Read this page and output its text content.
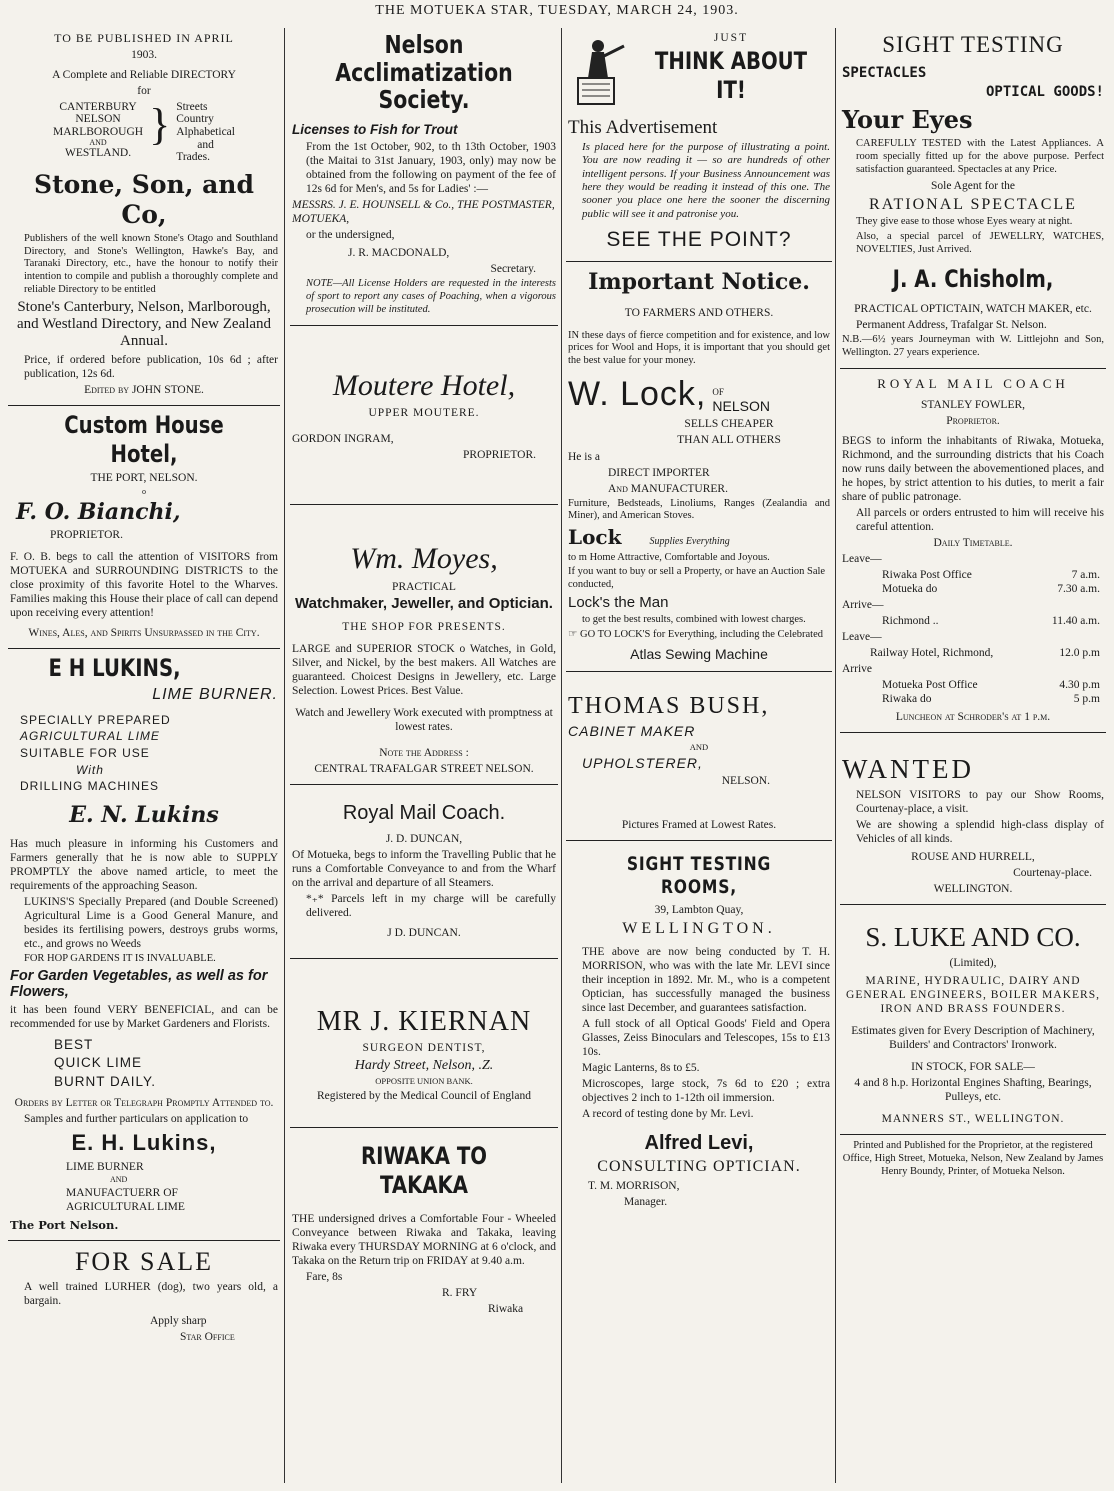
THE MOTUEKA STAR, TUESDAY, MARCH 24, 1903.

TO BE PUBLISHED IN APRIL

1903.

A Complete and Reliable DIRECTORY

for

CANTERBURY
NELSON
MARLBOROUGH
AND
WESTLAND.
} Streets
Country
Alphabetical
and
Trades.

Stone, Son, and Co,

Publishers of the well known Stone's Otago and Southland Directory, and Stone's Wellington, Hawke's Bay, and Taranaki Directory, etc., have the honour to notify their intention to compile and publish a thoroughly complete and reliable Directory to be entitled

Stone's Canterbury, Nelson, Marlborough, and Westland Directory, and New Zealand Annual.

Price, if ordered before publication, 10s 6d ; after publication, 12s 6d.

Edited by JOHN STONE.

Custom House Hotel,

THE PORT, NELSON.

o

F. O. Bianchi,

PROPRIETOR.

F. O. B. begs to call the attention of VISITORS from MOTUEKA and SURROUNDING DISTRICTS to the close proximity of this favorite Hotel to the Wharves. Families making this House their place of call can depend upon receiving every attention!

Wines, Ales, and Spirits Unsurpassed in the City.

E H LUKINS,

LIME BURNER.

SPECIALLY PREPARED

AGRICULTURAL LIME

SUITABLE FOR USE

With

DRILLING MACHINES

E. N. Lukins

Has much pleasure in informing his Customers and Farmers generally that he is now able to SUPPLY PROMPTLY the above named article, to meet the requirements of the approaching Season.

LUKINS'S Specially Prepared (and Double Screened) Agricultural Lime is a Good General Manure, and besides its fertilising powers, destroys grubs worms, etc., and grows no Weeds

FOR HOP GARDENS IT IS INVALUABLE.

For Garden Vegetables, as well as for Flowers,

it has been found VERY BENEFICIAL, and can be recommended for use by Market Gardeners and Florists.

BEST

QUICK LIME

BURNT DAILY.

Orders by Letter or Telegraph Promptly Attended to.

Samples and further particulars on application to

E. H. Lukins,

LIME BURNER

AND

MANUFACTUERR OF

AGRICULTURAL LIME

The Port Nelson.

FOR SALE

A well trained LURHER (dog), two years old, a bargain.

Apply sharp

Star Office

Nelson Acclimatization Society.

Licenses to Fish for Trout

From the 1st October, 902, to th 13th October, 1903 (the Maitai to 31st January, 1903, only) may now be obtained from the following on payment of the fee of 12s 6d for Men's, and 5s for Ladies' :—

MESSRS. J. E. HOUNSELL & Co., THE POSTMASTER, MOTUEKA,

or the undersigned,

J. R. MACDONALD,

Secretary.

NOTE—All License Holders are requested in the interests of sport to report any cases of Poaching, when a vigorous prosecution will be instituted.

Moutere Hotel,

UPPER MOUTERE.

GORDON INGRAM,

PROPRIETOR.

Wm. Moyes,

PRACTICAL

Watchmaker, Jeweller, and Optician.

THE SHOP FOR PRESENTS.

LARGE and SUPERIOR STOCK o Watches, in Gold, Silver, and Nickel, by the best makers. All Watches are guaranteed. Choicest Designs in Jewellery, etc. Large Selection. Lowest Prices. Best Value.

Watch and Jewellery Work executed with promptness at lowest rates.

Note the Address :

CENTRAL TRAFALGAR STREET NELSON.

Royal Mail Coach.

J. D. DUNCAN,

Of Motueka, begs to inform the Travelling Public that he runs a Comfortable Conveyance to and from the Wharf on the arrival and departure of all Steamers.

*₊* Parcels left in my charge will be carefully delivered.

J D. DUNCAN.

MR J. KIERNAN

SURGEON DENTIST,

Hardy Street, Nelson, .Z.

OPPOSITE UNION BANK.

Registered by the Medical Council of England

RIWAKA TO TAKAKA

THE undersigned drives a Comfortable Four - Wheeled Conveyance between Riwaka and Takaka, leaving Riwaka every THURSDAY MORNING at 6 o'clock, and Takaka on the Return trip on FRIDAY at 9.40 a.m.

Fare, 8s

R. FRY

Riwaka

JUST

THINK ABOUT IT!

This Advertisement

Is placed here for the purpose of illustrating a point. You are now reading it — so are hundreds of other intelligent persons. If your Business Announcement was here they would be reading it instead of this one. The sooner you place one here the sooner the discerning public will see it and patronise you.

SEE THE POINT?

Important Notice.

TO FARMERS AND OTHERS.

IN these days of fierce competition and for existence, and low prices for Wool and Hops, it is important that you should get the best value for your money.

W. Lock, OF
NELSON

SELLS CHEAPER

THAN ALL OTHERS

He is a

DIRECT IMPORTER

And MANUFACTURER.

Furniture, Bedsteads, Linoliums, Ranges (Zealandia and Miner), and American Stoves.

Lock	Supplies Everything

to m Home Attractive, Comfortable and Joyous.

If you want to buy or sell a Property, or have an Auction Sale conducted,

Lock's the Man

to get the best results, combined with lowest charges.

☞ GO TO LOCK'S for Everything, including the Celebrated

Atlas Sewing Machine

THOMAS BUSH,

CABINET MAKER

AND

UPHOLSTERER,

NELSON.

Pictures Framed at Lowest Rates.

SIGHT TESTING ROOMS,

39, Lambton Quay,

WELLINGTON.

THE above are now being conducted by T. H. MORRISON, who was with the late Mr. LEVI since their inception in 1892. Mr. M., who is a competent Optician, has successfully managed the business since last December, and guarantees satisfaction.

A full stock of all Optical Goods' Field and Opera Glasses, Zeiss Binoculars and Telescopes, 15s to £13 10s.

Magic Lanterns, 8s to £5.

Microscopes, large stock, 7s 6d to £20 ; extra objectives 2 inch to 1-12th oil immersion.

A record of testing done by Mr. Levi.

Alfred Levi,

CONSULTING OPTICIAN.

T. M. MORRISON,

Manager.

SIGHT TESTING

SPECTACLES

OPTICAL GOODS!

Your Eyes

CAREFULLY TESTED with the Latest Appliances. A room specially fitted up for the above purpose. Perfect satisfaction guaranteed. Spectacles at any Price.

Sole Agent for the

RATIONAL SPECTACLE

They give ease to those whose Eyes weary at night.

Also, a special parcel of JEWELLRY, WATCHES, NOVELTIES, Just Arrived.

J. A. Chisholm,

PRACTICAL OPTICTAIN, WATCH MAKER, etc.

Permanent Address, Trafalgar St. Nelson.

N.B.—6½ years Journeyman with W. Littlejohn and Son, Wellington. 27 years experience.

ROYAL MAIL COACH

STANLEY FOWLER,

Proprietor.

BEGS to inform the inhabitants of Riwaka, Motueka, Richmond, and the surrounding districts that his Coach now runs daily between the abovementioned places, and he hopes, by strict attention to his duties, to merit a fair share of public patronage.

All parcels or orders entrusted to him will receive his careful attention.

Daily Timetable.

Leave—

Riwaka Post Office	7 a.m.
Motueka do	7.30 a.m.

Arrive—

Richmond ..	11.40 a.m.

Leave—

Railway Hotel, Richmond,	12.0 p.m

Arrive

Motueka Post Office	4.30 p.m
Riwaka do	5 p.m

Luncheon at Schroder's at 1 p.m.

WANTED

NELSON VISITORS to pay our Show Rooms, Courtenay-place, a visit.

We are showing a splendid high-class display of Vehicles of all kinds.

ROUSE AND HURRELL,

Courtenay-place.

WELLINGTON.

S. LUKE AND CO.

(Limited),

MARINE, HYDRAULIC, DAIRY AND GENERAL ENGINEERS, BOILER MAKERS, IRON AND BRASS FOUNDERS.

Estimates given for Every Description of Machinery, Builders' and Contractors' Ironwork.

IN STOCK, FOR SALE—

4 and 8 h.p. Horizontal Engines Shafting, Bearings, Pulleys, etc.

MANNERS ST., WELLINGTON.

Printed and Published for the Proprietor, at the registered Office, High Street, Motueka, Nelson, New Zealand by James Henry Boundy, Printer, of Motueka Nelson.
